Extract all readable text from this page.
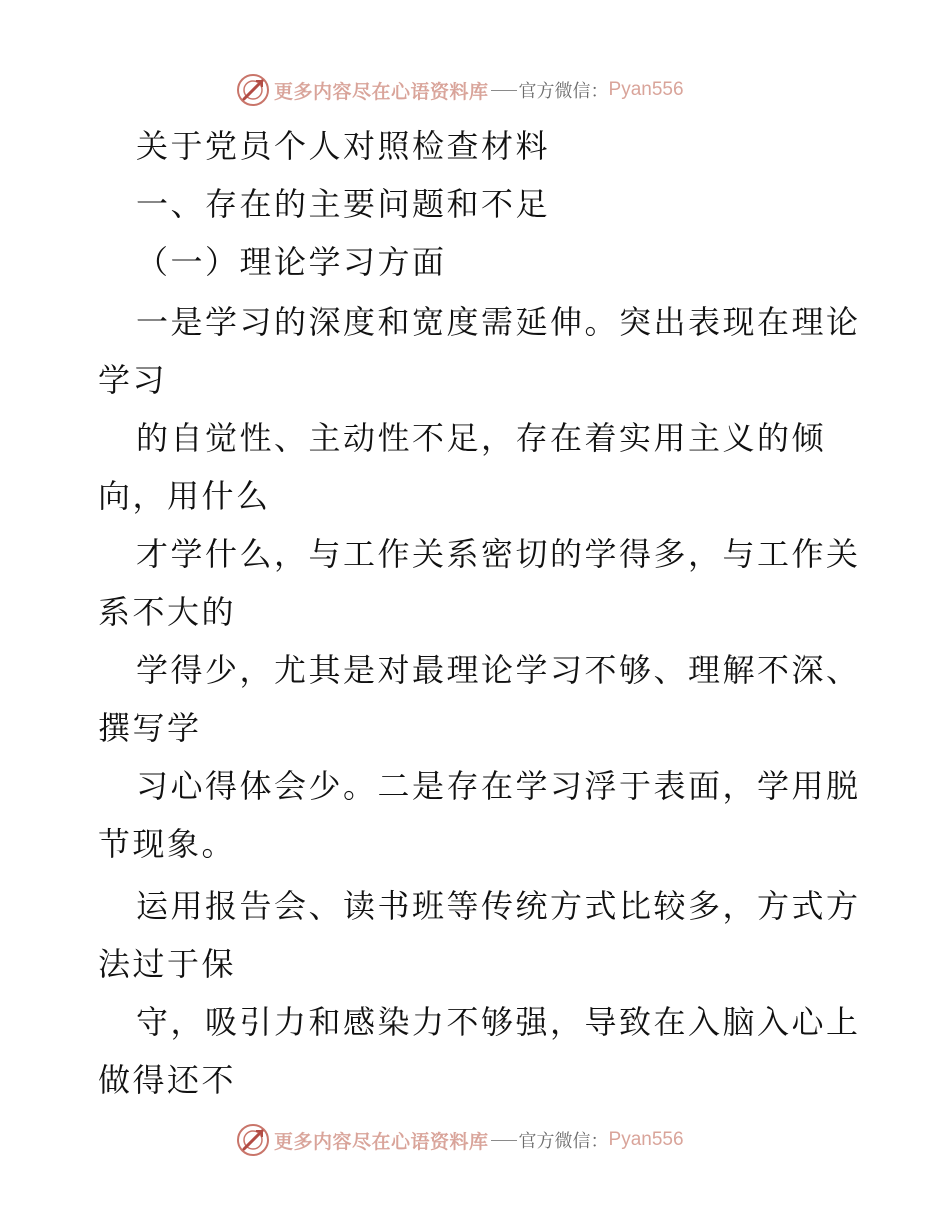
更多内容尽在心语资料库 官方微信： Pyan556
关于党员个人对照检查材料
一、存在的主要问题和不足
（一）理论学习方面
一是学习的深度和宽度需延伸。突出表现在理论
学习
的自觉性、主动性不足，存在着实用主义的倾
向，用什么
才学什么，与工作关系密切的学得多，与工作关
系不大的
学得少，尤其是对最理论学习不够、理解不深、
撰写学
习心得体会少。二是存在学习浮于表面，学用脱
节现象。
运用报告会、读书班等传统方式比较多，方式方
法过于保
守，吸引力和感染力不够强，导致在入脑入心上
做得还不
更多内容尽在心语资料库 官方微信： Pyan556
